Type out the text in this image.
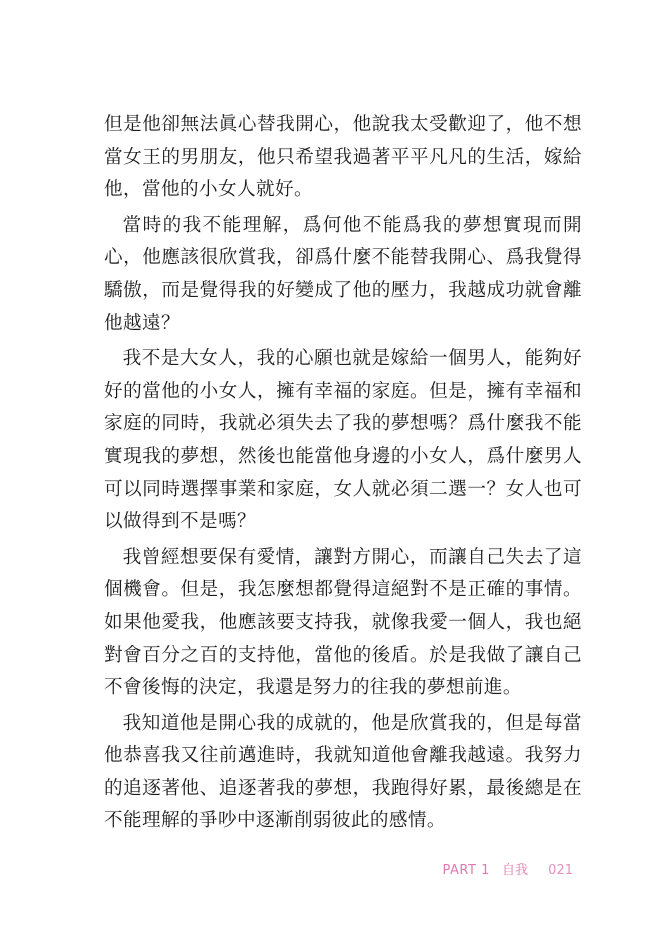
但是他卻無法眞心替我開心，他說我太受歡迎了，他不想當女王的男朋友，他只希望我過著平平凡凡的生活，嫁給他，當他的小女人就好。

當時的我不能理解，爲何他不能爲我的夢想實現而開心，他應該很欣賞我，卻爲什麼不能替我開心、爲我覺得驕傲，而是覺得我的好變成了他的壓力，我越成功就會離他越遠？

我不是大女人，我的心願也就是嫁給一個男人，能夠好好的當他的小女人，擁有幸福的家庭。但是，擁有幸福和家庭的同時，我就必須失去了我的夢想嗎？爲什麼我不能實現我的夢想，然後也能當他身邊的小女人，爲什麼男人可以同時選擇事業和家庭，女人就必須二選一？女人也可以做得到不是嗎？

我曾經想要保有愛情，讓對方開心，而讓自己失去了這個機會。但是，我怎麼想都覺得這絕對不是正確的事情。如果他愛我，他應該要支持我，就像我愛一個人，我也絕對會百分之百的支持他，當他的後盾。於是我做了讓自己不會後悔的決定，我還是努力的往我的夢想前進。

我知道他是開心我的成就的，他是欣賞我的，但是每當他恭喜我又往前邁進時，我就知道他會離我越遠。我努力的追逐著他、追逐著我的夢想，我跑得好累，最後總是在不能理解的爭吵中逐漸削弱彼此的感情。

PART 1 自我 021
